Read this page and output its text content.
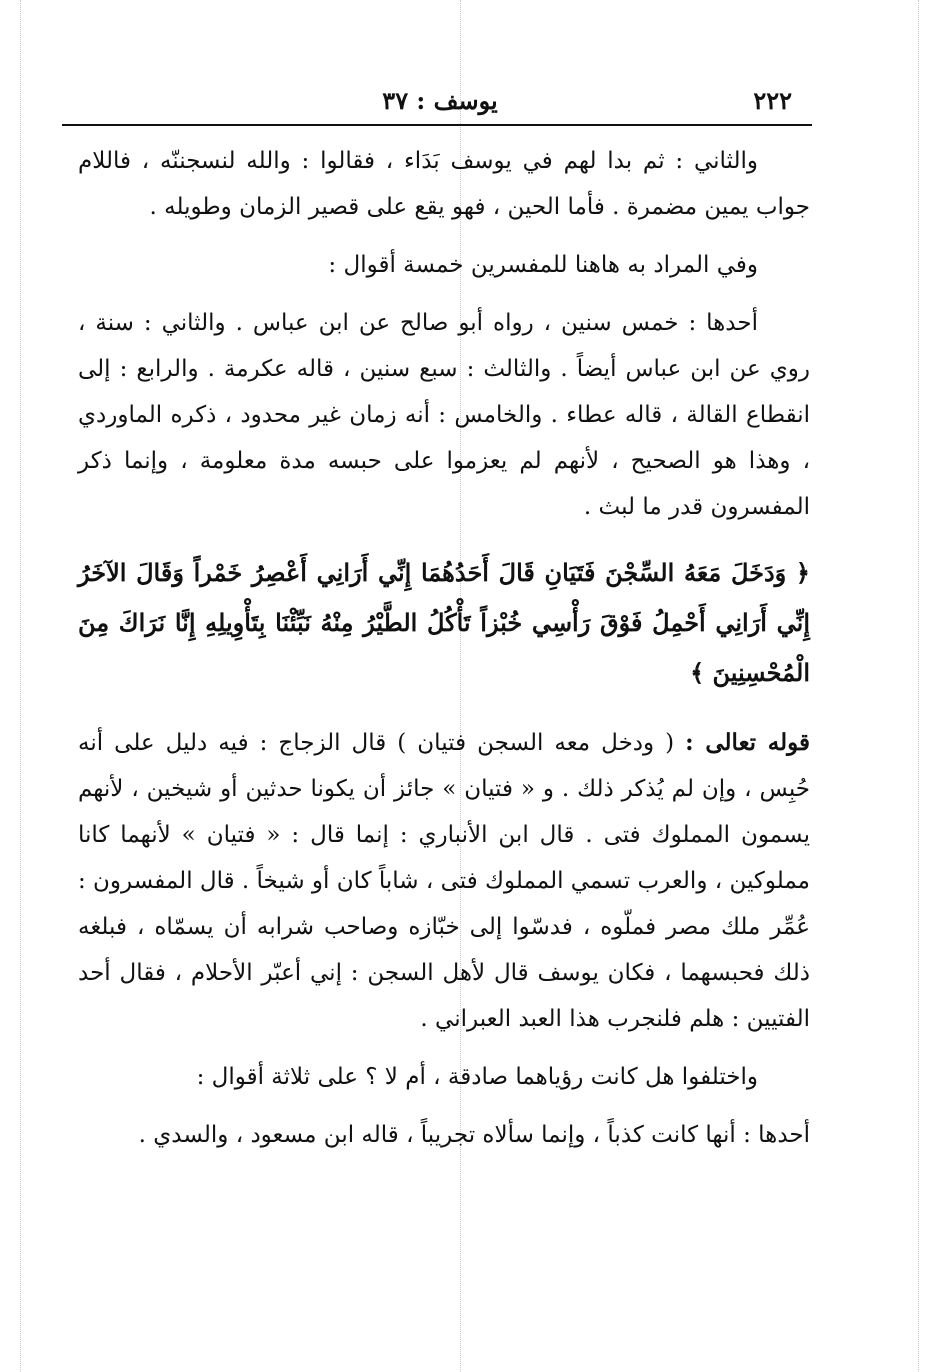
٢٢٢
يوسف : ٣٧

والثاني : ثم بدا لهم في يوسف بَدَاء ، فقالوا : والله لنسجننّه ، فاللام جواب يمين مضمرة . فأما الحين ، فهو يقع على قصير الزمان وطويله .

وفي المراد به هاهنا للمفسرين خمسة أقوال :

أحدها : خمس سنين ، رواه أبو صالح عن ابن عباس . والثاني : سنة ، روي عن ابن عباس أيضاً . والثالث : سبع سنين ، قاله عكرمة . والرابع : إلى انقطاع القالة ، قاله عطاء . والخامس : أنه زمان غير محدود ، ذكره الماوردي ، وهذا هو الصحيح ، لأنهم لم يعزموا على حبسه مدة معلومة ، وإنما ذكر المفسرون قدر ما لبث .

﴿ وَدَخَلَ مَعَهُ السِّجْنَ فَتَيَانِ قَالَ أَحَدُهُمَا إِنِّي أَرَانِي أَعْصِرُ خَمْراً وَقَالَ الآخَرُ إِنِّي أَرَانِي أَحْمِلُ فَوْقَ رَأْسِي خُبْزاً تَأْكُلُ الطَّيْرُ مِنْهُ نَبِّئْنَا بِتَأْوِيلِهِ إِنَّا نَرَاكَ مِنَ الْمُحْسِنِينَ ﴾

قوله تعالى : ( ودخل معه السجن فتيان ) قال الزجاج : فيه دليل على أنه حُبِس ، وإن لم يُذكر ذلك . و « فتيان » جائز أن يكونا حدثين أو شيخين ، لأنهم يسمون المملوك فتى . قال ابن الأنباري : إنما قال : « فتيان » لأنهما كانا مملوكين ، والعرب تسمي المملوك فتى ، شاباً كان أو شيخاً . قال المفسرون : عُمِّر ملك مصر فملّوه ، فدسّوا إلى خبّازه وصاحب شرابه أن يسمّاه ، فبلغه ذلك فحبسهما ، فكان يوسف قال لأهل السجن : إني أعبّر الأحلام ، فقال أحد الفتيين : هلم فلنجرب هذا العبد العبراني .

واختلفوا هل كانت رؤياهما صادقة ، أم لا ؟ على ثلاثة أقوال :

أحدها : أنها كانت كذباً ، وإنما سألاه تجريباً ، قاله ابن مسعود ، والسدي .
